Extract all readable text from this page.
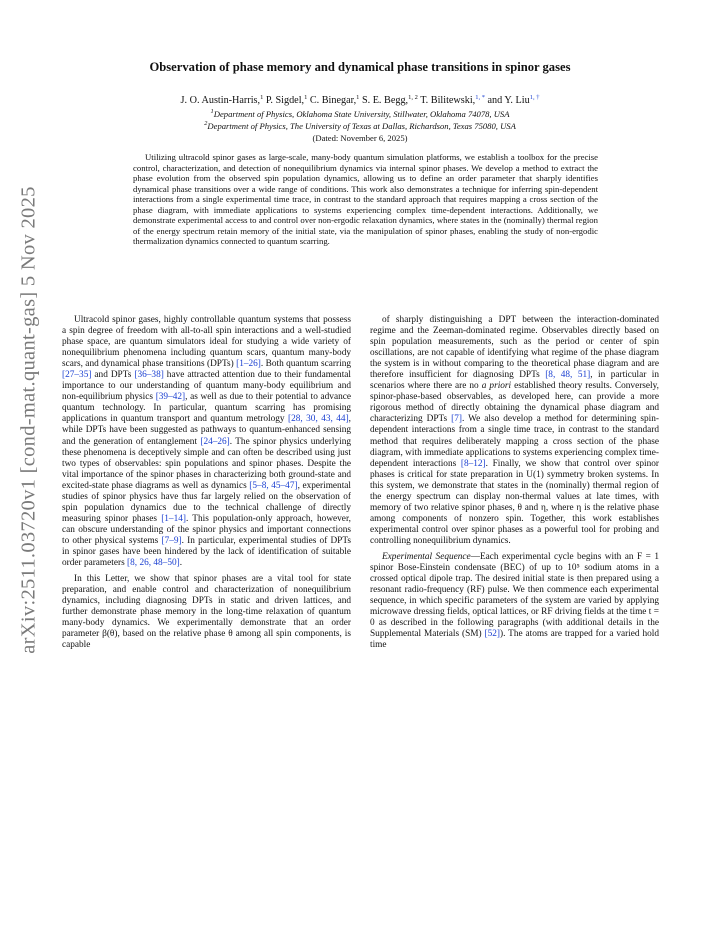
arXiv:2511.03720v1 [cond-mat.quant-gas] 5 Nov 2025
Observation of phase memory and dynamical phase transitions in spinor gases
J. O. Austin-Harris,$^1$ P. Sigdel,$^1$ C. Binegar,$^1$ S. E. Begg,$^{1, 2}$ T. Bilitewski,$^{1, *}$ and Y. Liu$^{1, \dagger}$
$^1$Department of Physics, Oklahoma State University, Stillwater, Oklahoma 74078, USA
$^2$Department of Physics, The University of Texas at Dallas, Richardson, Texas 75080, USA
(Dated: November 6, 2025)
Utilizing ultracold spinor gases as large-scale, many-body quantum simulation platforms, we establish a toolbox for the precise control, characterization, and detection of nonequilibrium dynamics via internal spinor phases. We develop a method to extract the phase evolution from the observed spin population dynamics, allowing us to define an order parameter that sharply identifies dynamical phase transitions over a wide range of conditions. This work also demonstrates a technique for inferring spin-dependent interactions from a single experimental time trace, in contrast to the standard approach that requires mapping a cross section of the phase diagram, with immediate applications to systems experiencing complex time-dependent interactions. Additionally, we demonstrate experimental access to and control over non-ergodic relaxation dynamics, where states in the (nominally) thermal region of the energy spectrum retain memory of the initial state, via the manipulation of spinor phases, enabling the study of non-ergodic thermalization dynamics connected to quantum scarring.

Ultracold spinor gases, highly controllable quantum systems that possess a spin degree of freedom with all-to-all spin interactions and a well-studied phase space, are quantum simulators ideal for studying a wide variety of nonequilibrium phenomena including quantum scars, quantum many-body scars, and dynamical phase transitions (DPTs) [1–26]. Both quantum scarring [27–35] and DPTs [36–38] have attracted attention due to their fundamental importance to our understanding of quantum many-body equilibrium and non-equilibrium physics [39–42], as well as due to their potential to advance quantum technology. In particular, quantum scarring has promising applications in quantum transport and quantum metrology [28, 30, 43, 44], while DPTs have been suggested as pathways to quantum-enhanced sensing and the generation of entanglement [24–26]. The spinor physics underlying these phenomena is deceptively simple and can often be described using just two types of observables: spin populations and spinor phases. Despite the vital importance of the spinor phases in characterizing both ground-state and excited-state phase diagrams as well as dynamics [5–8, 45–47], experimental studies of spinor physics have thus far largely relied on the observation of spin population dynamics due to the technical challenge of directly measuring spinor phases [1–14]. This population-only approach, however, can obscure understanding of the spinor physics and important connections to other physical systems [7–9]. In particular, experimental studies of DPTs in spinor gases have been hindered by the lack of identification of suitable order parameters [8, 26, 48–50].

In this Letter, we show that spinor phases are a vital tool for state preparation, and enable control and characterization of nonequilibrium dynamics, including diagnosing DPTs in static and driven lattices, and further demonstrate phase memory in the long-time relaxation of quantum many-body dynamics. We experimentally demonstrate that an order parameter β(θ), based on the relative phase θ among all spin components, is capable

of sharply distinguishing a DPT between the interaction-dominated regime and the Zeeman-dominated regime. Observables directly based on spin population measurements, such as the period or center of spin oscillations, are not capable of identifying what regime of the phase diagram the system is in without comparing to the theoretical phase diagram and are therefore insufficient for diagnosing DPTs [8, 48, 51], in particular in scenarios where there are no a priori established theory results. Conversely, spinor-phase-based observables, as developed here, can provide a more rigorous method of directly obtaining the dynamical phase diagram and characterizing DPTs [7]. We also develop a method for determining spin-dependent interactions from a single time trace, in contrast to the standard method that requires deliberately mapping a cross section of the phase diagram, with immediate applications to systems experiencing complex time-dependent interactions [8–12]. Finally, we show that control over spinor phases is critical for state preparation in U(1) symmetry broken systems. In this system, we demonstrate that states in the (nominally) thermal region of the energy spectrum can display non-thermal values at late times, with memory of two relative spinor phases, θ and η, where η is the relative phase among components of nonzero spin. Together, this work establishes experimental control over spinor phases as a powerful tool for probing and controlling nonequilibrium dynamics.

Experimental Sequence—Each experimental cycle begins with an F = 1 spinor Bose-Einstein condensate (BEC) of up to 10⁵ sodium atoms in a crossed optical dipole trap. The desired initial state is then prepared using a resonant radio-frequency (RF) pulse. We then commence each experimental sequence, in which specific parameters of the system are varied by applying microwave dressing fields, optical lattices, or RF driving fields at the time t = 0 as described in the following paragraphs (with additional details in the Supplemental Materials (SM) [52]). The atoms are trapped for a varied hold time
